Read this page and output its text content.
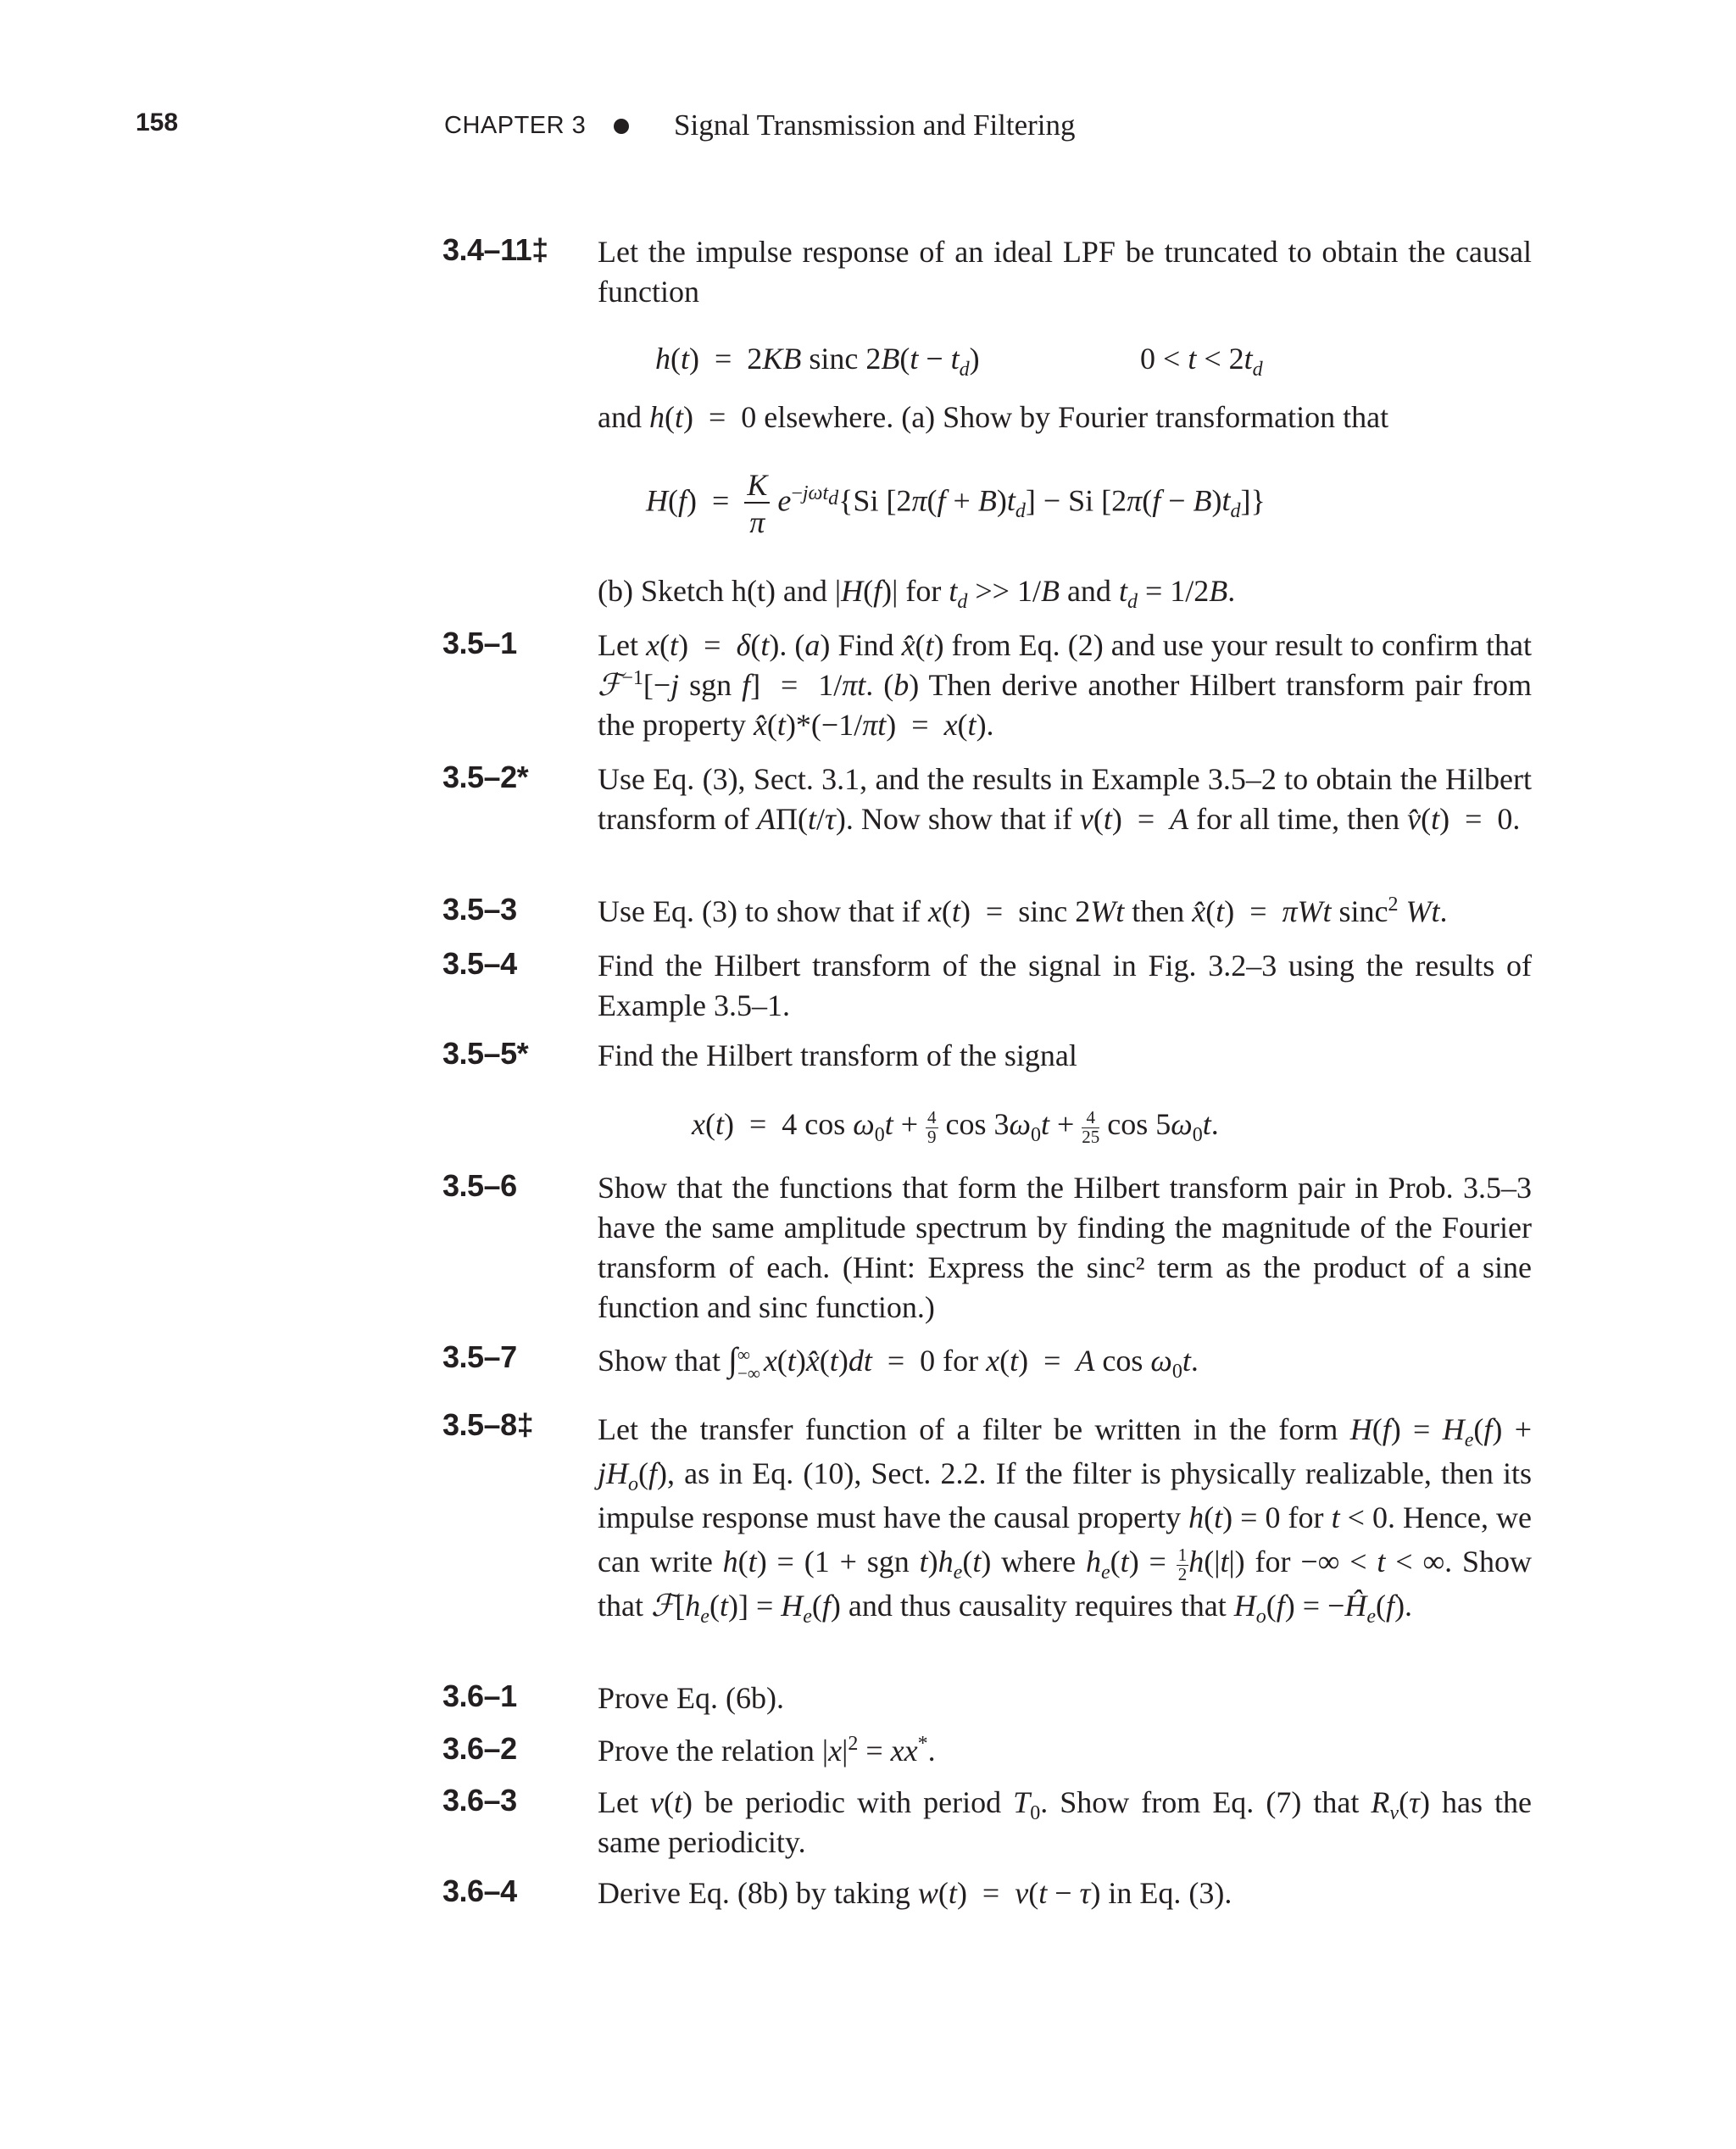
158	CHAPTER 3	Signal Transmission and Filtering
3.4–11‡ Let the impulse response of an ideal LPF be truncated to obtain the causal function

h(t)  =  2KB sinc $2B(t - t_d)$	$0 < t < 2t_d$
and h(t)  =  0 elsewhere. (a) Show by Fourier transformation that
$H(f) = \frac{K}{\pi} e^{-j\omega t_d}\{Si$ $[2\pi(f + B)t_d] - Si$ $[2\pi(f - B)t_d]$}
(b) Sketch h(t) and |H(f)| for $t_d >> 1/B$ and $t_d = 1/2B$.
3.5–1	Let x(t)  =  δ(t). (a) Find x̂(t) from Eq. (2) and use your result to confirm that ℱ$^{-1}$[−j sgn f]  =  1/πt. (b) Then derive another Hilbert transform pair from the property x̂(t)*(−1/πt)  =  x(t).
3.5–2* Use Eq. (3), Sect. 3.1, and the results in Example 3.5–2 to obtain the Hilbert transform of AΠ(t/τ). Now show that if v(t)  =  A for all time, then v̂(t)  =  0.
3.5–3	Use Eq. (3) to show that if x(t)  =  sinc 2Wt then x̂(t)  =  πWt sinc$^2$ Wt.
3.5–4	Find the Hilbert transform of the signal in Fig. 3.2–3 using the results of Example 3.5–1.
3.5–5* Find the Hilbert transform of the signal
x(t)  =  4 $\cos \omega_0t + \frac{4}{9}$ $\cos 3\omega_0t + \frac{4}{25}$ $\cos 5\omega_0t$.
3.5–6	Show that the functions that form the Hilbert transform pair in Prob. 3.5–3 have the same amplitude spectrum by finding the magnitude of the Fourier transform of each. (Hint: Express the sinc² term as the product of a sine function and sinc function.)
3.5–7	Show that ∫ ∞
−∞ x(t)x̂(t)dt  =  0 for x(t)  =  A $\cos \omega_0t$.
3.5–8‡ Let the transfer function of a filter be written in the form $H(f) = H_e(f) + jH_o(f)$, as in Eq. (10), Sect. 2.2. If the filter is physically realizable, then its impulse response must have the causal property h(t) = 0 for t < 0. Hence, we can write h(t) = (1 + sgn $t)h_e(t)$ where $h_e(t) = \frac{1}{2} h(|t|)$ for −∞ < t < ∞. Show that $ℱ[h_e(t)] = H_e(f)$ and thus causality requires that $H_o(f)$ = $-Ĥ_e(f)$.
3.6–1	Prove Eq. (6b).
3.6–2	Prove the relation $|x|^2 = xx^*$.
3.6–3	Let v(t) be periodic with period $T_0$. Show from Eq. (7) that $R_v(\tau)$ has the same periodicity.
3.6–4	Derive Eq. (8b) by taking w(t)  =  v(t − τ) in Eq. (3).
